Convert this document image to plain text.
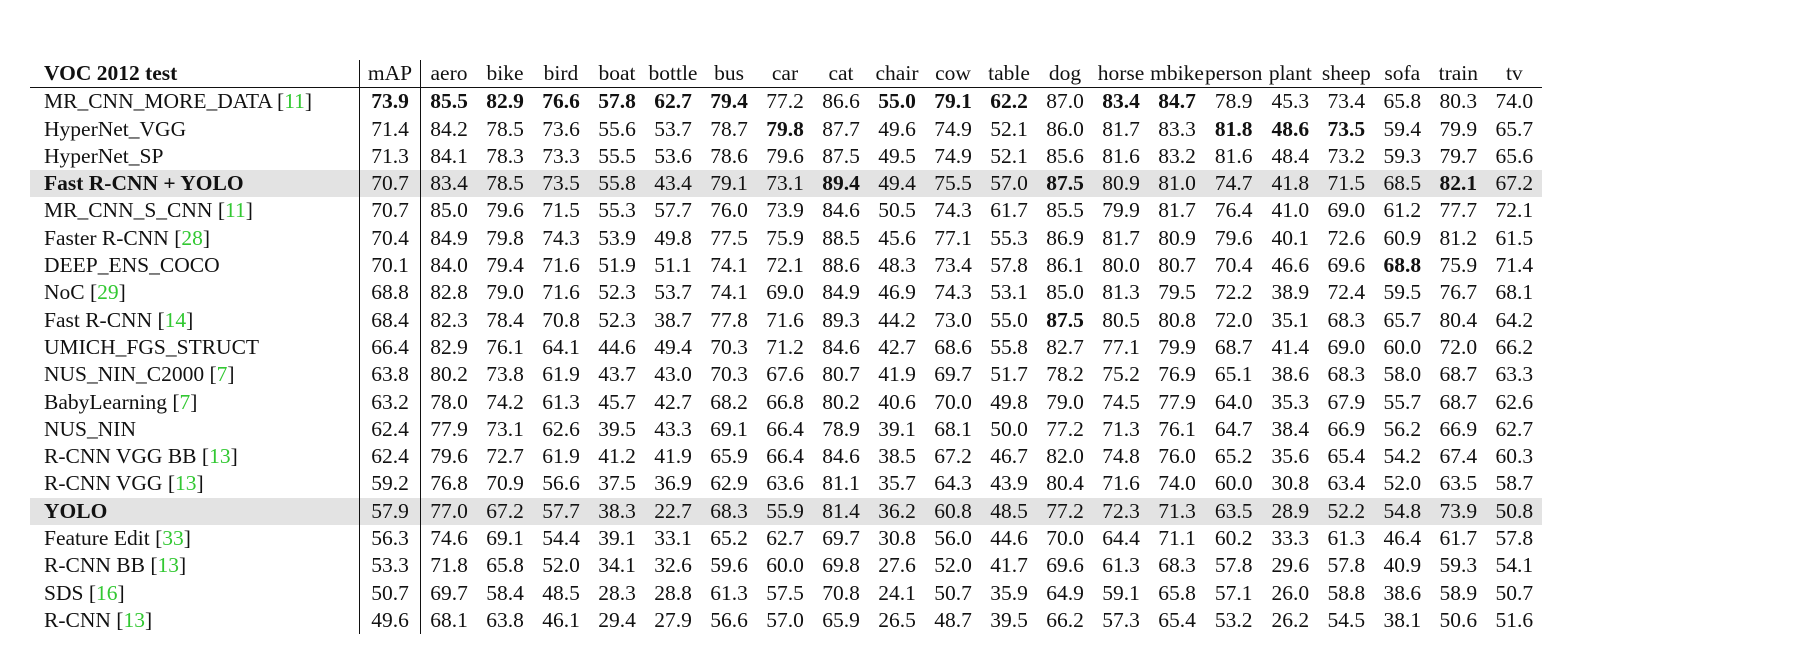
VOC 2012 test	mAP	aero	bike	bird	boat	bottle	bus	car	cat	chair	cow	table	dog	horse	mbike	person	plant	sheep	sofa	train	tv
MR_CNN_MORE_DATA [11]	73.9	85.5	82.9	76.6	57.8	62.7	79.4	77.2	86.6	55.0	79.1	62.2	87.0	83.4	84.7	78.9	45.3	73.4	65.8	80.3	74.0
HyperNet_VGG	71.4	84.2	78.5	73.6	55.6	53.7	78.7	79.8	87.7	49.6	74.9	52.1	86.0	81.7	83.3	81.8	48.6	73.5	59.4	79.9	65.7
HyperNet_SP	71.3	84.1	78.3	73.3	55.5	53.6	78.6	79.6	87.5	49.5	74.9	52.1	85.6	81.6	83.2	81.6	48.4	73.2	59.3	79.7	65.6
Fast R-CNN + YOLO	70.7	83.4	78.5	73.5	55.8	43.4	79.1	73.1	89.4	49.4	75.5	57.0	87.5	80.9	81.0	74.7	41.8	71.5	68.5	82.1	67.2
MR_CNN_S_CNN [11]	70.7	85.0	79.6	71.5	55.3	57.7	76.0	73.9	84.6	50.5	74.3	61.7	85.5	79.9	81.7	76.4	41.0	69.0	61.2	77.7	72.1
Faster R-CNN [28]	70.4	84.9	79.8	74.3	53.9	49.8	77.5	75.9	88.5	45.6	77.1	55.3	86.9	81.7	80.9	79.6	40.1	72.6	60.9	81.2	61.5
DEEP_ENS_COCO	70.1	84.0	79.4	71.6	51.9	51.1	74.1	72.1	88.6	48.3	73.4	57.8	86.1	80.0	80.7	70.4	46.6	69.6	68.8	75.9	71.4
NoC [29]	68.8	82.8	79.0	71.6	52.3	53.7	74.1	69.0	84.9	46.9	74.3	53.1	85.0	81.3	79.5	72.2	38.9	72.4	59.5	76.7	68.1
Fast R-CNN [14]	68.4	82.3	78.4	70.8	52.3	38.7	77.8	71.6	89.3	44.2	73.0	55.0	87.5	80.5	80.8	72.0	35.1	68.3	65.7	80.4	64.2
UMICH_FGS_STRUCT	66.4	82.9	76.1	64.1	44.6	49.4	70.3	71.2	84.6	42.7	68.6	55.8	82.7	77.1	79.9	68.7	41.4	69.0	60.0	72.0	66.2
NUS_NIN_C2000 [7]	63.8	80.2	73.8	61.9	43.7	43.0	70.3	67.6	80.7	41.9	69.7	51.7	78.2	75.2	76.9	65.1	38.6	68.3	58.0	68.7	63.3
BabyLearning [7]	63.2	78.0	74.2	61.3	45.7	42.7	68.2	66.8	80.2	40.6	70.0	49.8	79.0	74.5	77.9	64.0	35.3	67.9	55.7	68.7	62.6
NUS_NIN	62.4	77.9	73.1	62.6	39.5	43.3	69.1	66.4	78.9	39.1	68.1	50.0	77.2	71.3	76.1	64.7	38.4	66.9	56.2	66.9	62.7
R-CNN VGG BB [13]	62.4	79.6	72.7	61.9	41.2	41.9	65.9	66.4	84.6	38.5	67.2	46.7	82.0	74.8	76.0	65.2	35.6	65.4	54.2	67.4	60.3
R-CNN VGG [13]	59.2	76.8	70.9	56.6	37.5	36.9	62.9	63.6	81.1	35.7	64.3	43.9	80.4	71.6	74.0	60.0	30.8	63.4	52.0	63.5	58.7
YOLO	57.9	77.0	67.2	57.7	38.3	22.7	68.3	55.9	81.4	36.2	60.8	48.5	77.2	72.3	71.3	63.5	28.9	52.2	54.8	73.9	50.8
Feature Edit [33]	56.3	74.6	69.1	54.4	39.1	33.1	65.2	62.7	69.7	30.8	56.0	44.6	70.0	64.4	71.1	60.2	33.3	61.3	46.4	61.7	57.8
R-CNN BB [13]	53.3	71.8	65.8	52.0	34.1	32.6	59.6	60.0	69.8	27.6	52.0	41.7	69.6	61.3	68.3	57.8	29.6	57.8	40.9	59.3	54.1
SDS [16]	50.7	69.7	58.4	48.5	28.3	28.8	61.3	57.5	70.8	24.1	50.7	35.9	64.9	59.1	65.8	57.1	26.0	58.8	38.6	58.9	50.7
R-CNN [13]	49.6	68.1	63.8	46.1	29.4	27.9	56.6	57.0	65.9	26.5	48.7	39.5	66.2	57.3	65.4	53.2	26.2	54.5	38.1	50.6	51.6
